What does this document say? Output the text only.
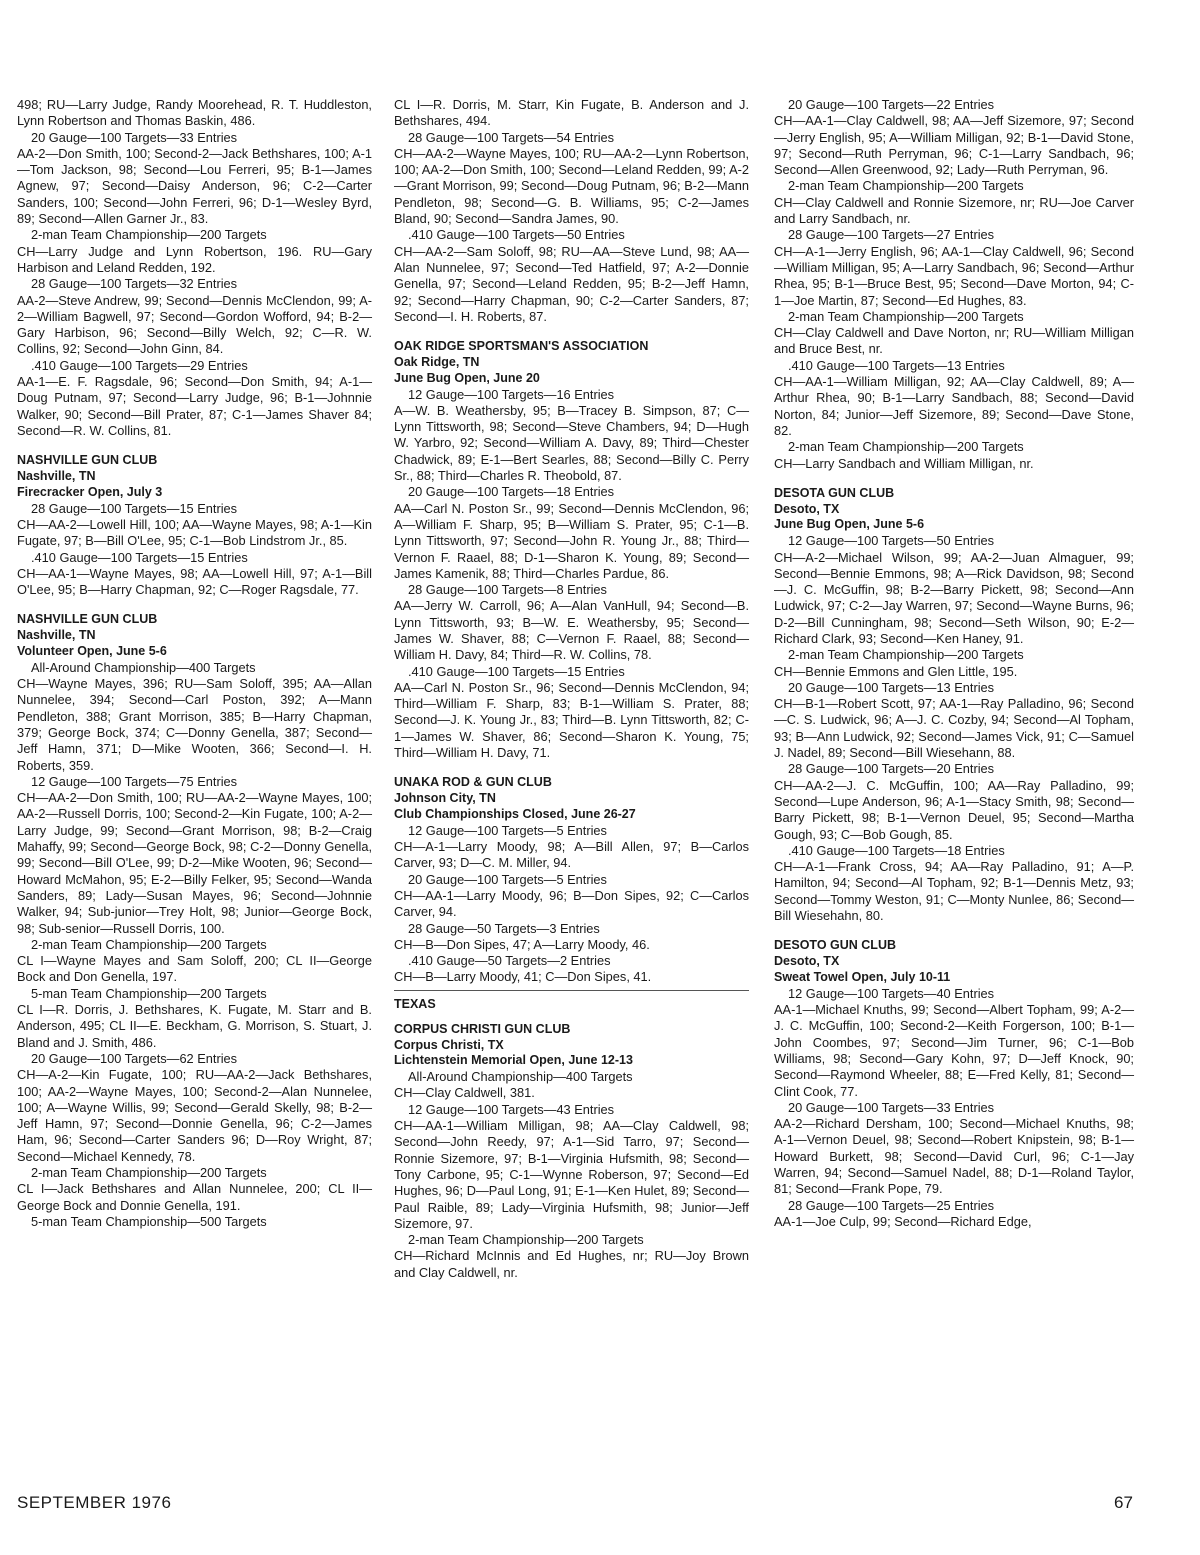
498; RU—Larry Judge, Randy Moorehead, R. T. Huddleston, Lynn Robertson and Thomas Baskin, 486.

20 Gauge—100 Targets—33 Entries

AA-2—Don Smith, 100; Second-2—Jack Bethshares, 100; A-1—Tom Jackson, 98; Second—Lou Ferreri, 95; B-1—James Agnew, 97; Second—Daisy Anderson, 96; C-2—Carter Sanders, 100; Second—John Ferreri, 96; D-1—Wesley Byrd, 89; Second—Allen Garner Jr., 83.

2-man Team Championship—200 Targets

CH—Larry Judge and Lynn Robertson, 196. RU—Gary Harbison and Leland Redden, 192.

28 Gauge—100 Targets—32 Entries

AA-2—Steve Andrew, 99; Second—Dennis McClendon, 99; A-2—William Bagwell, 97; Second—Gordon Wofford, 94; B-2—Gary Harbison, 96; Second—Billy Welch, 92; C—R. W. Collins, 92; Second—John Ginn, 84.

.410 Gauge—100 Targets—29 Entries

AA-1—E. F. Ragsdale, 96; Second—Don Smith, 94; A-1—Doug Putnam, 97; Second—Larry Judge, 96; B-1—Johnnie Walker, 90; Second—Bill Prater, 87; C-1—James Shaver 84; Second—R. W. Collins, 81.

NASHVILLE GUN CLUB

Nashville, TN

Firecracker Open, July 3

28 Gauge—100 Targets—15 Entries

CH—AA-2—Lowell Hill, 100; AA—Wayne Mayes, 98; A-1—Kin Fugate, 97; B—Bill O'Lee, 95; C-1—Bob Lindstrom Jr., 85.

.410 Gauge—100 Targets—15 Entries

CH—AA-1—Wayne Mayes, 98; AA—Lowell Hill, 97; A-1—Bill O'Lee, 95; B—Harry Chapman, 92; C—Roger Ragsdale, 77.

NASHVILLE GUN CLUB

Nashville, TN

Volunteer Open, June 5-6

All-Around Championship—400 Targets

CH—Wayne Mayes, 396; RU—Sam Soloff, 395; AA—Allan Nunnelee, 394; Second—Carl Poston, 392; A—Mann Pendleton, 388; Grant Morrison, 385; B—Harry Chapman, 379; George Bock, 374; C—Donny Genella, 387; Second—Jeff Hamn, 371; D—Mike Wooten, 366; Second—I. H. Roberts, 359.

12 Gauge—100 Targets—75 Entries

CH—AA-2—Don Smith, 100; RU—AA-2—Wayne Mayes, 100; AA-2—Russell Dorris, 100; Second-2—Kin Fugate, 100; A-2—Larry Judge, 99; Second—Grant Morrison, 98; B-2—Craig Mahaffy, 99; Second—George Bock, 98; C-2—Donny Genella, 99; Second—Bill O'Lee, 99; D-2—Mike Wooten, 96; Second—Howard McMahon, 95; E-2—Billy Felker, 95; Second—Wanda Sanders, 89; Lady—Susan Mayes, 96; Second—Johnnie Walker, 94; Sub-junior—Trey Holt, 98; Junior—George Bock, 98; Sub-senior—Russell Dorris, 100.

2-man Team Championship—200 Targets

CL I—Wayne Mayes and Sam Soloff, 200; CL II—George Bock and Don Genella, 197.

5-man Team Championship—200 Targets

CL I—R. Dorris, J. Bethshares, K. Fugate, M. Starr and B. Anderson, 495; CL II—E. Beckham, G. Morrison, S. Stuart, J. Bland and J. Smith, 486.

20 Gauge—100 Targets—62 Entries

CH—A-2—Kin Fugate, 100; RU—AA-2—Jack Bethshares, 100; AA-2—Wayne Mayes, 100; Second-2—Alan Nunnelee, 100; A—Wayne Willis, 99; Second—Gerald Skelly, 98; B-2—Jeff Hamn, 97; Second—Donnie Genella, 96; C-2—James Ham, 96; Second—Carter Sanders 96; D—Roy Wright, 87; Second—Michael Kennedy, 78.

2-man Team Championship—200 Targets

CL I—Jack Bethshares and Allan Nunnelee, 200; CL II—George Bock and Donnie Genella, 191.

5-man Team Championship—500 Targets

CL I—R. Dorris, M. Starr, Kin Fugate, B. Anderson and J. Bethshares, 494.

28 Gauge—100 Targets—54 Entries

CH—AA-2—Wayne Mayes, 100; RU—AA-2—Lynn Robertson, 100; AA-2—Don Smith, 100; Second—Leland Redden, 99; A-2—Grant Morrison, 99; Second—Doug Putnam, 96; B-2—Mann Pendleton, 98; Second—G. B. Williams, 95; C-2—James Bland, 90; Second—Sandra James, 90.

.410 Gauge—100 Targets—50 Entries

CH—AA-2—Sam Soloff, 98; RU—AA—Steve Lund, 98; AA—Alan Nunnelee, 97; Second—Ted Hatfield, 97; A-2—Donnie Genella, 97; Second—Leland Redden, 95; B-2—Jeff Hamn, 92; Second—Harry Chapman, 90; C-2—Carter Sanders, 87; Second—I. H. Roberts, 87.

OAK RIDGE SPORTSMAN'S ASSOCIATION

Oak Ridge, TN

June Bug Open, June 20

12 Gauge—100 Targets—16 Entries

A—W. B. Weathersby, 95; B—Tracey B. Simpson, 87; C—Lynn Tittsworth, 98; Second—Steve Chambers, 94; D—Hugh W. Yarbro, 92; Second—William A. Davy, 89; Third—Chester Chadwick, 89; E-1—Bert Searles, 88; Second—Billy C. Perry Sr., 88; Third—Charles R. Theobold, 87.

20 Gauge—100 Targets—18 Entries

AA—Carl N. Poston Sr., 99; Second—Dennis McClendon, 96; A—William F. Sharp, 95; B—William S. Prater, 95; C-1—B. Lynn Tittsworth, 97; Second—John R. Young Jr., 88; Third—Vernon F. Raael, 88; D-1—Sharon K. Young, 89; Second—James Kamenik, 88; Third—Charles Pardue, 86.

28 Gauge—100 Targets—8 Entries

AA—Jerry W. Carroll, 96; A—Alan VanHull, 94; Second—B. Lynn Tittsworth, 93; B—W. E. Weathersby, 95; Second—James W. Shaver, 88; C—Vernon F. Raael, 88; Second—William H. Davy, 84; Third—R. W. Collins, 78.

.410 Gauge—100 Targets—15 Entries

AA—Carl N. Poston Sr., 96; Second—Dennis McClendon, 94; Third—William F. Sharp, 83; B-1—William S. Prater, 88; Second—J. K. Young Jr., 83; Third—B. Lynn Tittsworth, 82; C-1—James W. Shaver, 86; Second—Sharon K. Young, 75; Third—William H. Davy, 71.

UNAKA ROD & GUN CLUB

Johnson City, TN

Club Championships Closed, June 26-27

12 Gauge—100 Targets—5 Entries

CH—A-1—Larry Moody, 98; A—Bill Allen, 97; B—Carlos Carver, 93; D—C. M. Miller, 94.

20 Gauge—100 Targets—5 Entries

CH—AA-1—Larry Moody, 96; B—Don Sipes, 92; C—Carlos Carver, 94.

28 Gauge—50 Targets—3 Entries

CH—B—Don Sipes, 47; A—Larry Moody, 46.

.410 Gauge—50 Targets—2 Entries

CH—B—Larry Moody, 41; C—Don Sipes, 41.

TEXAS

CORPUS CHRISTI GUN CLUB

Corpus Christi, TX

Lichtenstein Memorial Open, June 12-13

All-Around Championship—400 Targets

CH—Clay Caldwell, 381.

12 Gauge—100 Targets—43 Entries

CH—AA-1—William Milligan, 98; AA—Clay Caldwell, 98; Second—John Reedy, 97; A-1—Sid Tarro, 97; Second—Ronnie Sizemore, 97; B-1—Virginia Hufsmith, 98; Second—Tony Carbone, 95; C-1—Wynne Roberson, 97; Second—Ed Hughes, 96; D—Paul Long, 91; E-1—Ken Hulet, 89; Second—Paul Raible, 89; Lady—Virginia Hufsmith, 98; Junior—Jeff Sizemore, 97.

2-man Team Championship—200 Targets

CH—Richard McInnis and Ed Hughes, nr; RU—Joy Brown and Clay Caldwell, nr.

20 Gauge—100 Targets—22 Entries

CH—AA-1—Clay Caldwell, 98; AA—Jeff Sizemore, 97; Second—Jerry English, 95; A—William Milligan, 92; B-1—David Stone, 97; Second—Ruth Perryman, 96; C-1—Larry Sandbach, 96; Second—Allen Greenwood, 92; Lady—Ruth Perryman, 96.

2-man Team Championship—200 Targets

CH—Clay Caldwell and Ronnie Sizemore, nr; RU—Joe Carver and Larry Sandbach, nr.

28 Gauge—100 Targets—27 Entries

CH—A-1—Jerry English, 96; AA-1—Clay Caldwell, 96; Second—William Milligan, 95; A—Larry Sandbach, 96; Second—Arthur Rhea, 95; B-1—Bruce Best, 95; Second—Dave Morton, 94; C-1—Joe Martin, 87; Second—Ed Hughes, 83.

2-man Team Championship—200 Targets

CH—Clay Caldwell and Dave Norton, nr; RU—William Milligan and Bruce Best, nr.

.410 Gauge—100 Targets—13 Entries

CH—AA-1—William Milligan, 92; AA—Clay Caldwell, 89; A—Arthur Rhea, 90; B-1—Larry Sandbach, 88; Second—David Norton, 84; Junior—Jeff Sizemore, 89; Second—Dave Stone, 82.

2-man Team Championship—200 Targets

CH—Larry Sandbach and William Milligan, nr.

DESOTA GUN CLUB

Desoto, TX

June Bug Open, June 5-6

12 Gauge—100 Targets—50 Entries

CH—A-2—Michael Wilson, 99; AA-2—Juan Almaguer, 99; Second—Bennie Emmons, 98; A—Rick Davidson, 98; Second—J. C. McGuffin, 98; B-2—Barry Pickett, 98; Second—Ann Ludwick, 97; C-2—Jay Warren, 97; Second—Wayne Burns, 96; D-2—Bill Cunningham, 98; Second—Seth Wilson, 90; E-2—Richard Clark, 93; Second—Ken Haney, 91.

2-man Team Championship—200 Targets

CH—Bennie Emmons and Glen Little, 195.

20 Gauge—100 Targets—13 Entries

CH—B-1—Robert Scott, 97; AA-1—Ray Palladino, 96; Second—C. S. Ludwick, 96; A—J. C. Cozby, 94; Second—Al Topham, 93; B—Ann Ludwick, 92; Second—James Vick, 91; C—Samuel J. Nadel, 89; Second—Bill Wiesehann, 88.

28 Gauge—100 Targets—20 Entries

CH—AA-2—J. C. McGuffin, 100; AA—Ray Palladino, 99; Second—Lupe Anderson, 96; A-1—Stacy Smith, 98; Second—Barry Pickett, 98; B-1—Vernon Deuel, 95; Second—Martha Gough, 93; C—Bob Gough, 85.

.410 Gauge—100 Targets—18 Entries

CH—A-1—Frank Cross, 94; AA—Ray Palladino, 91; A—P. Hamilton, 94; Second—Al Topham, 92; B-1—Dennis Metz, 93; Second—Tommy Weston, 91; C—Monty Nunlee, 86; Second—Bill Wiesehahn, 80.

DESOTO GUN CLUB

Desoto, TX

Sweat Towel Open, July 10-11

12 Gauge—100 Targets—40 Entries

AA-1—Michael Knuths, 99; Second—Albert Topham, 99; A-2—J. C. McGuffin, 100; Second-2—Keith Forgerson, 100; B-1—John Coombes, 97; Second—Jim Turner, 96; C-1—Bob Williams, 98; Second—Gary Kohn, 97; D—Jeff Knock, 90; Second—Raymond Wheeler, 88; E—Fred Kelly, 81; Second—Clint Cook, 77.

20 Gauge—100 Targets—33 Entries

AA-2—Richard Dersham, 100; Second—Michael Knuths, 98; A-1—Vernon Deuel, 98; Second—Robert Knipstein, 98; B-1—Howard Burkett, 98; Second—David Curl, 96; C-1—Jay Warren, 94; Second—Samuel Nadel, 88; D-1—Roland Taylor, 81; Second—Frank Pope, 79.

28 Gauge—100 Targets—25 Entries

AA-1—Joe Culp, 99; Second—Richard Edge,

SEPTEMBER 1976	67
